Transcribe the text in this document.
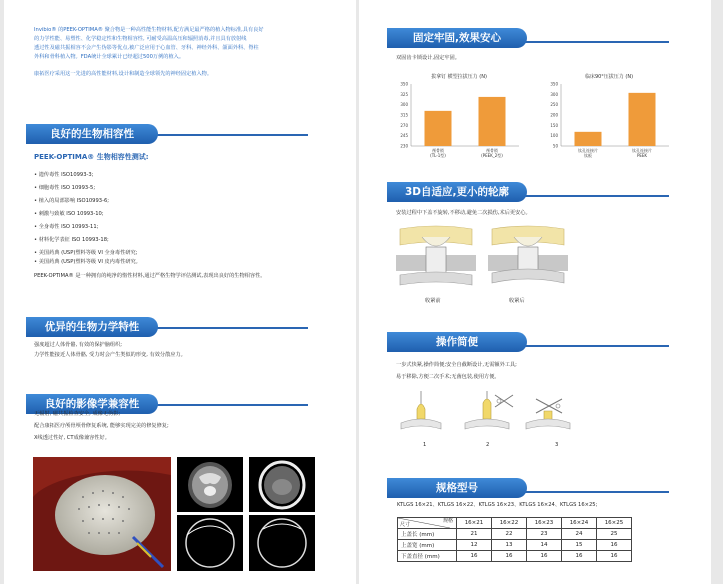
Invibio® 的PEEK-OPTIMA® 聚合物是一种高性能生物材料,配方满足最严格的植入物标准,具有良好
的力学性能、易塑性、化学稳定性和生物相容性, 可耐受高温高压和辐照消毒,并且具有放射线
透过性及磁共振相容不会产生伪影等优点,被广泛应用于心血管、牙科、神经外科、颌面外科、脊柱
外科和骨科植入物。FDA统计全球累计已经超过500万例的植入。
康拓医疗采用这一先进的高性能材料,设计和制造全球领先的神经固定植入物。
良好的生物相容性
PEEK-OPTIMA® 生物相容性测试:
• 遗传毒性 ISO10993-3;
• 细胞毒性 ISO 10993-5;
• 植入的局部影响 ISO10993-6;
• 刺激与致敏 ISO 10993-10;
• 全身毒性 ISO 10993-11;
• 材料化学表征 ISO 10993-18;
• 美国药典 (USP)塑料等级 VI 全身毒性研究;
• 美国药典 (USP)塑料等级 VI 皮内毒性研究。
PEEK-OPTIMA® 是一种拥有的纯净的惰性材料,通过严格生物学评估测试,表现出良好的生物相容性。
优异的生物力学特性
强度超过人体骨骼, 有效的保护脑组织;
力学性能接近人体骨骼, 受力时会产生类似的形变, 有效分散应力。
良好的影像学兼容性
无辐射, 磁共振检查安全, 成像无伪影;
配合康拓医疗颅骨颅骨修复系统, 能够实现完美的修复修复;
X线透过性好, CT成像兼容性好。
固定牢固,效果安心
双固齿卡锁设计,固定牢固。
拔拿钉 横型拉拔压力 (N)
350
325
300
315
270
245
230
颅骨锁
(TL-1型)
颅骨锁
(PEEK_2型)
临床90°压拔压力 (N)
350
300
250
200
150
100
50
钛孔连接片
钛板
钛孔连接片
PEEK
3D自适应,更小的轮廓
安装过程中下盖不旋转,不移动,避免二次损伤,术后更安心。
收紧前	收紧后
操作简便
一步式快紧,操作简便;安全自截断设计,无需额外工具;
易于移除,方便二次手术;无菌包装,使用方便。
1	2	3
规格型号
KTLGS 16×21、KTLGS 16×22、KTLGS 16×23、KTLGS 16×24、KTLGS 16×25;
规格
尺寸	16×21	16×22	16×23	16×24	16×25
上盖长 (mm)	21	22	23	24	25
上盖宽 (mm)	12	13	14	15	16
下盖直径 (mm)	16	16	16	16	16
